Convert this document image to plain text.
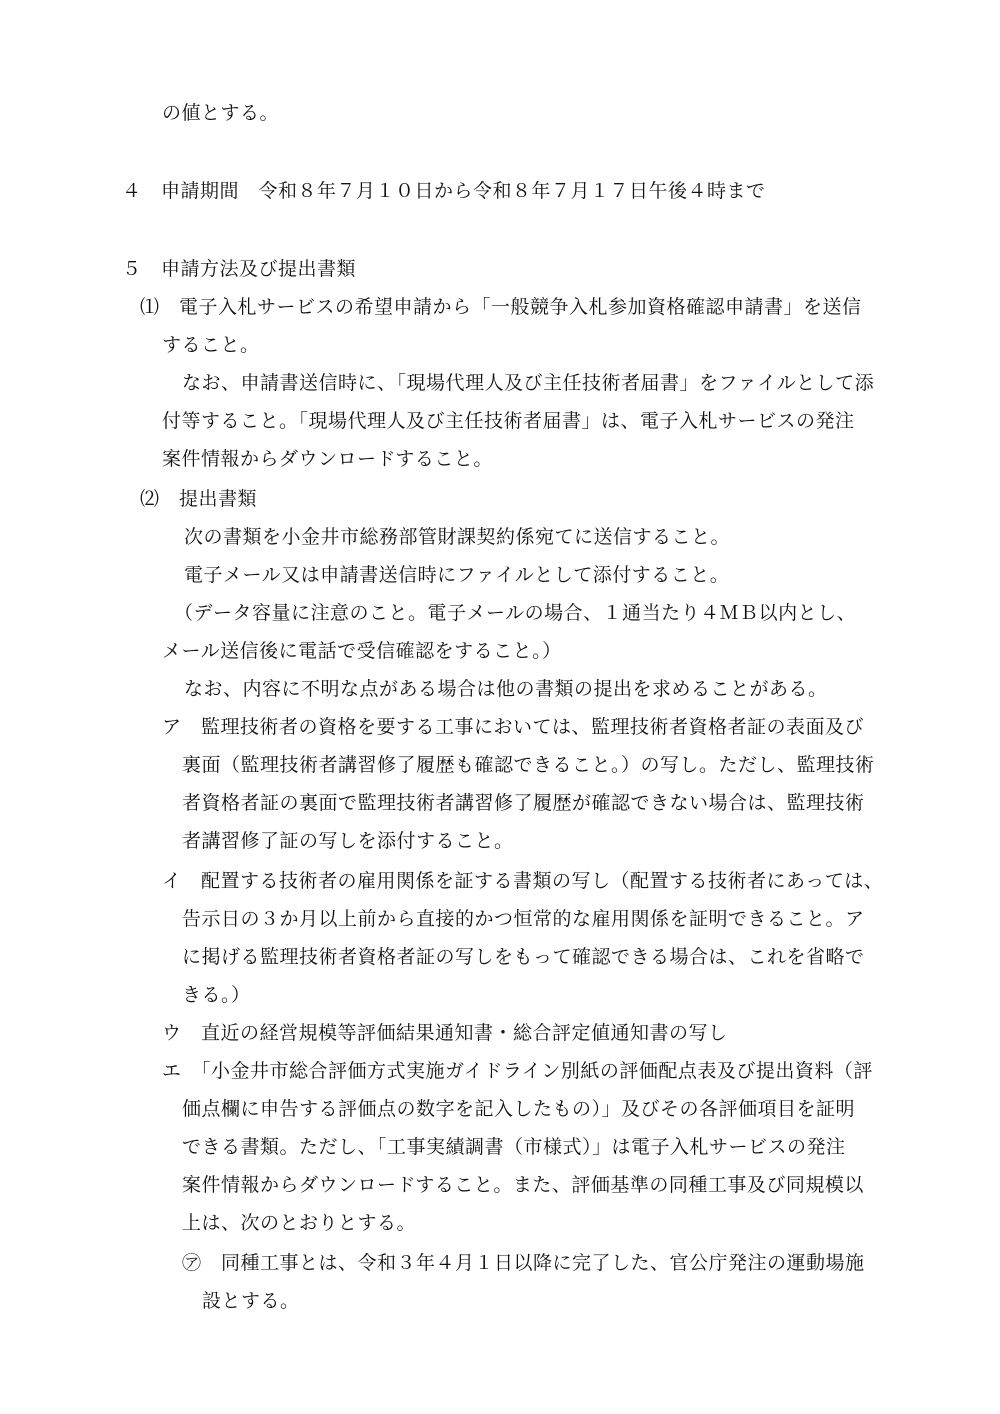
の値とする。
４　申請期間　令和８年７月１０日から令和８年７月１７日午後４時まで
５　申請方法及び提出書類
⑴　電子入札サービスの希望申請から「一般競争入札参加資格確認申請書」を送信
すること。
なお、申請書送信時に、「現場代理人及び主任技術者届書」をファイルとして添
付等すること。「現場代理人及び主任技術者届書」は、電子入札サービスの発注
案件情報からダウンロードすること。
⑵　提出書類
次の書類を小金井市総務部管財課契約係宛てに送信すること。
電子メール又は申請書送信時にファイルとして添付すること。
（データ容量に注意のこと。電子メールの場合、１通当たり４ＭＢ以内とし、
メール送信後に電話で受信確認をすること。）
なお、内容に不明な点がある場合は他の書類の提出を求めることがある。
ア　監理技術者の資格を要する工事においては、監理技術者資格者証の表面及び
裏面（監理技術者講習修了履歴も確認できること。）の写し。ただし、監理技術
者資格者証の裏面で監理技術者講習修了履歴が確認できない場合は、監理技術
者講習修了証の写しを添付すること。
イ　配置する技術者の雇用関係を証する書類の写し（配置する技術者にあっては、
告示日の３か月以上前から直接的かつ恒常的な雇用関係を証明できること。ア
に掲げる監理技術者資格者証の写しをもって確認できる場合は、これを省略で
きる。）
ウ　直近の経営規模等評価結果通知書・総合評定値通知書の写し
エ　「小金井市総合評価方式実施ガイドライン別紙の評価配点表及び提出資料（評
価点欄に申告する評価点の数字を記入したもの）」及びその各評価項目を証明
できる書類。ただし、「工事実績調書（市様式）」は電子入札サービスの発注
案件情報からダウンロードすること。また、評価基準の同種工事及び同規模以
上は、次のとおりとする。
㋐　同種工事とは、令和３年４月１日以降に完了した、官公庁発注の運動場施
設とする。
